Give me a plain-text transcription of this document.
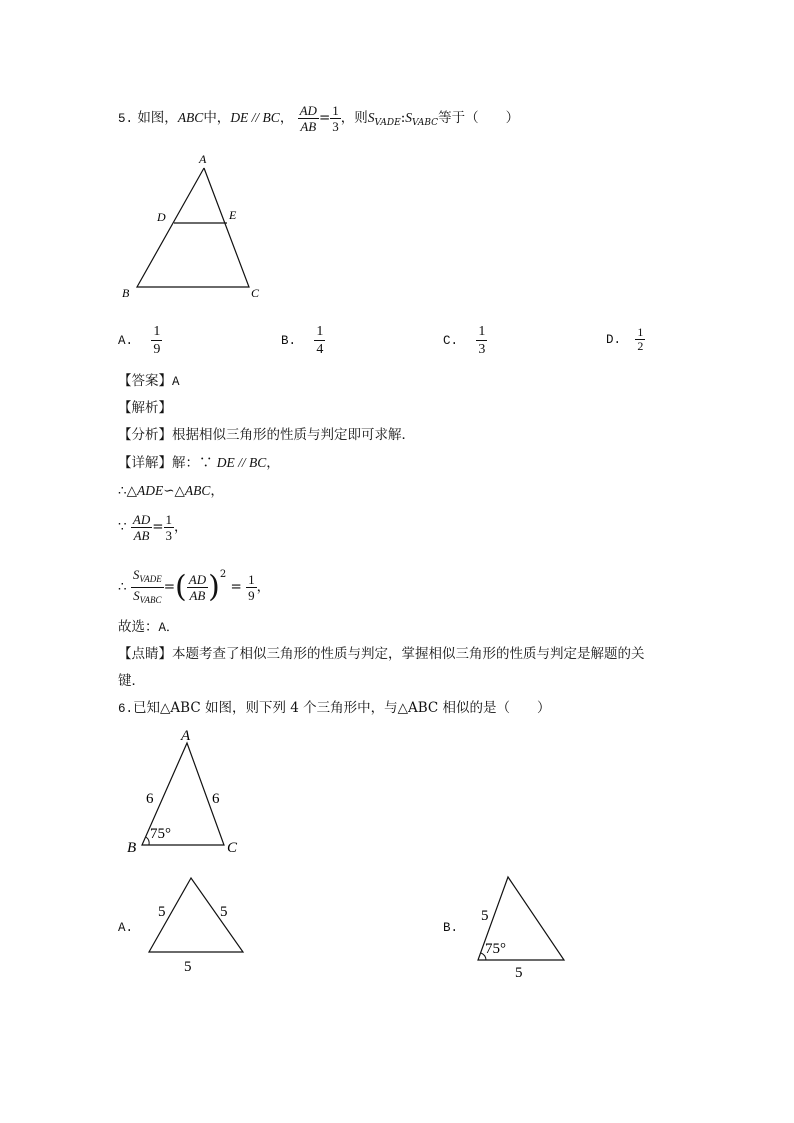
5. 如图，ABC中，DE // BC， $\frac{AD}{AB} = \frac{1}{3}$ ，则$S_{VADE}:S_{VABC}$等于（　　）
A
D	E
B	C
A. $\frac{1}{9}$	B. $\frac{1}{4}$	C. $\frac{1}{3}$	D. $\frac{1}{2}$
【答案】A
【解析】
【分析】根据相似三角形的性质与判定即可求解．
【详解】解：∵ DE // BC，
∴△ADE∽△ABC，
∵ $\frac{AD}{AB} = \frac{1}{3}$ ，
∴ $\frac{S_{VADE}}{S_{VABC}}$ =( $\frac{AD}{AB} )^2 = \frac{1}{9}$ ，
故选：A．
【点睛】本题考查了相似三角形的性质与判定，掌握相似三角形的性质与判定是解题的关
键．
6.已知△ABC 如图，则下列 4 个三角形中，与△ABC 相似的是（　　）
A
B	C
6	6
75°
A.
5	5
5
B.
5
75°
5
